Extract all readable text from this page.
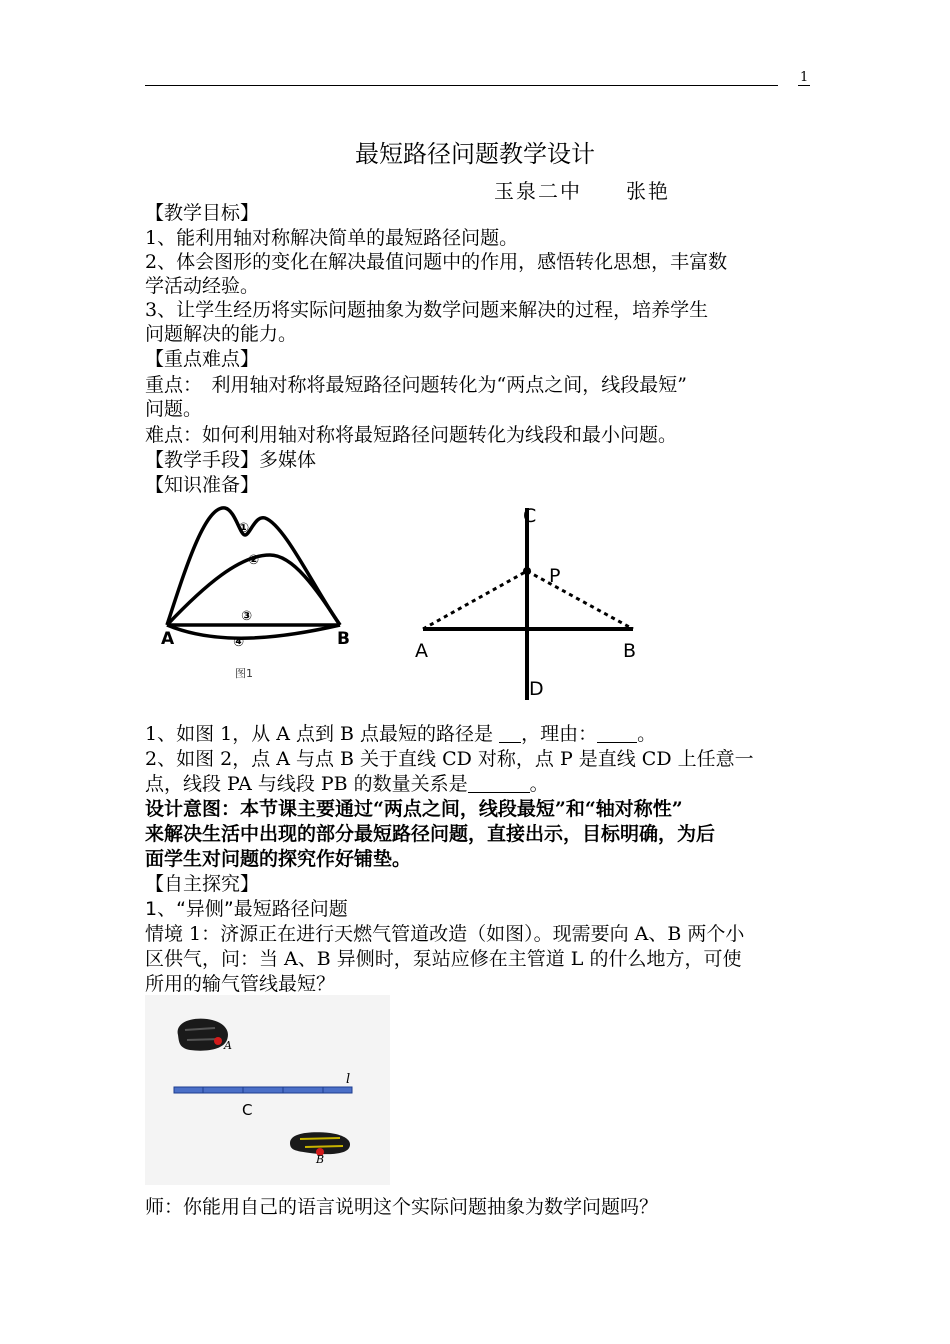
1
最短路径问题教学设计
玉泉二中　　张艳
【教学目标】
1、能利用轴对称解决简单的最短路径问题。
2、体会图形的变化在解决最值问题中的作用，感悟转化思想，丰富数
学活动经验。
3、让学生经历将实际问题抽象为数学问题来解决的过程，培养学生
问题解决的能力。
【重点难点】
重点：　利用轴对称将最短路径问题转化为“两点之间，线段最短”
问题。
难点：如何利用轴对称将最短路径问题转化为线段和最小问题。
【教学手段】多媒体
【知识准备】
①
②
③
④
A	B
图1
C
P
A	B
D
1、如图 1，从 A 点到 B 点最短的路径是 ，理由： 。
2、如图 2，点 A 与点 B 关于直线 CD 对称，点 P 是直线 CD 上任意一
点，线段 PA 与线段 PB 的数量关系是	。
设计意图：本节课主要通过“两点之间，线段最短”和“轴对称性”
来解决生活中出现的部分最短路径问题，直接出示，目标明确，为后
面学生对问题的探究作好铺垫。
【自主探究】
1、“异侧”最短路径问题
情境 1：济源正在进行天燃气管道改造（如图）。现需要向 A、B 两个小
区供气，问：当 A、B 异侧时，泵站应修在主管道 L 的什么地方，可使
所用的输气管线最短？
A
l
C
B
师：你能用自己的语言说明这个实际问题抽象为数学问题吗？
